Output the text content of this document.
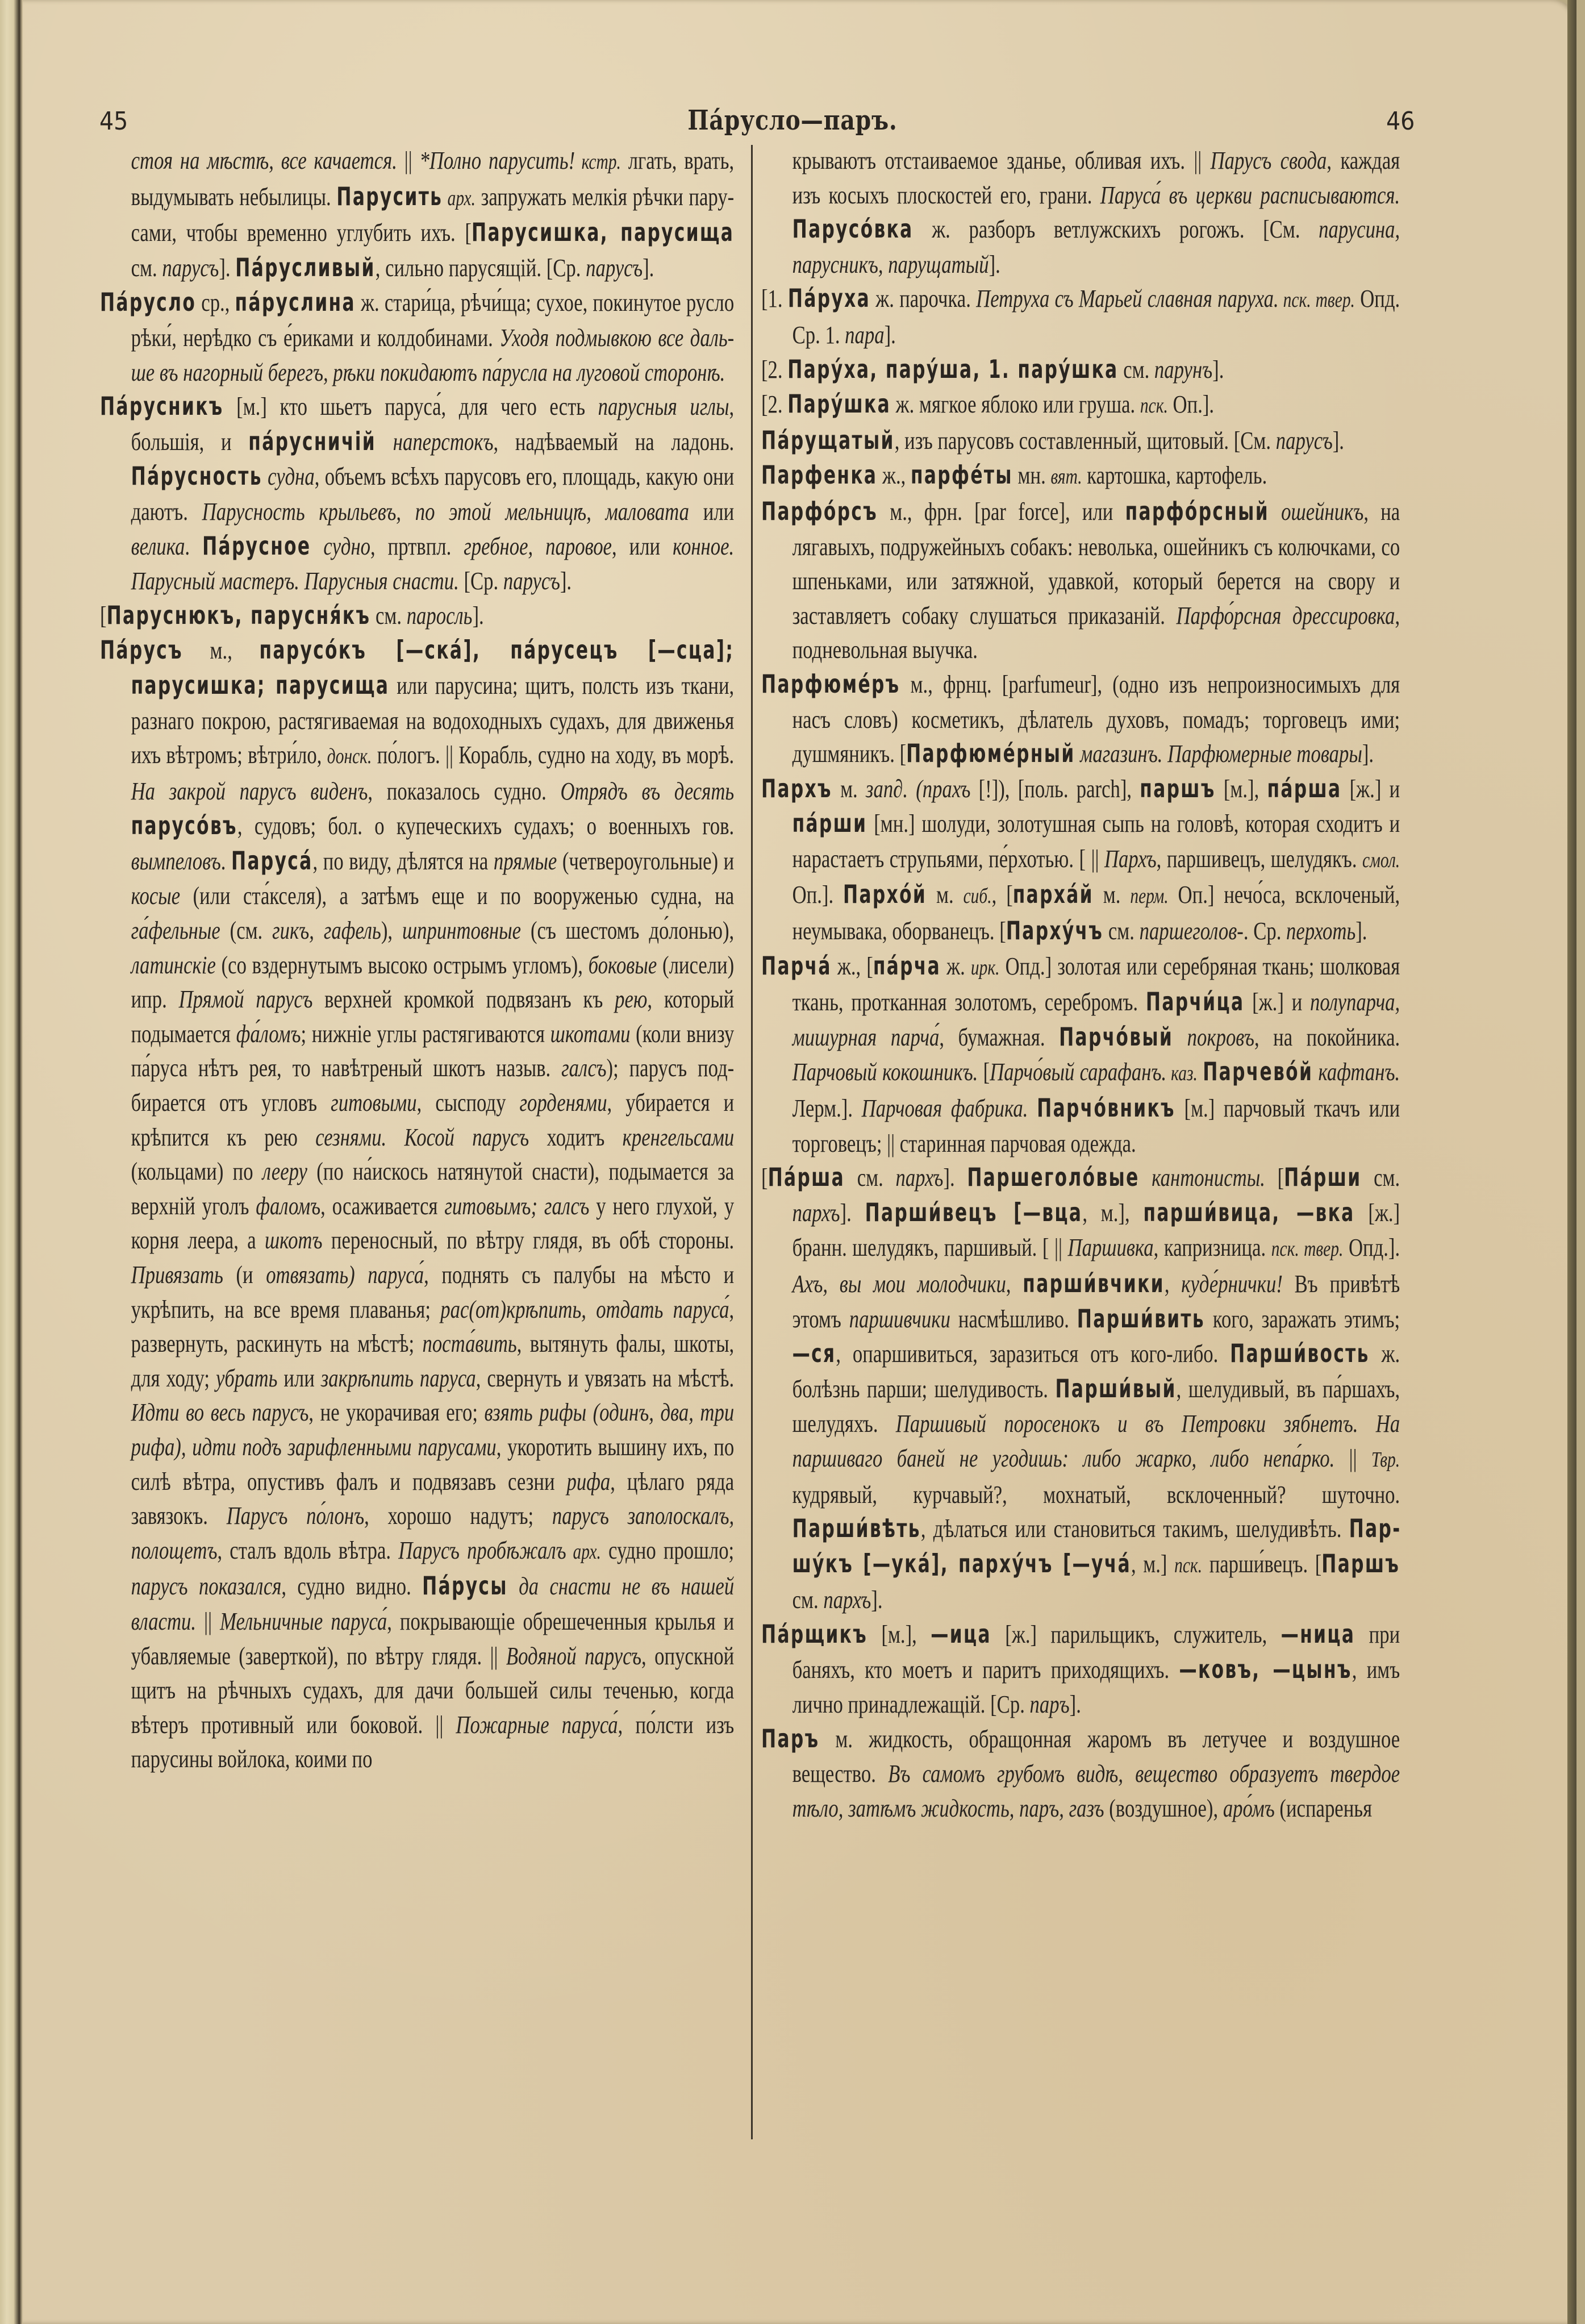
45	Па́русло—паръ.	46

стоя на мѣстѣ, все качается. || *Полно парусить! кстр. лгать, врать, выдумывать небылицы. Парусить арх. запружать мелкія рѣчки парусами, чтобы временно углубить ихъ. [Парусишка, парусища см. парусъ]. Па́русливый, сильно парусящій. [Ср. парусъ].

Па́русло ср., па́руслина ж. стари́ца, рѣчи́ща; сухое, покинутое русло рѣки́, нерѣдко съ е́риками и колдобинами. Уходя подмывкою все дальше въ нагорный берегъ, рѣки покидаютъ па́русла на луговой сторонѣ.

Па́русникъ [м.] кто шьетъ паруса́, для чего есть парусныя иглы, большія, и па́русничій наперстокъ, надѣваемый на ладонь. Па́русность судна, объемъ всѣхъ парусовъ его, площадь, какую они даютъ. Парусность крыльевъ, по этой мельницѣ, маловата или велика. Па́русное судно, пртвпл. гребное, паровое, или конное. Парусный мастеръ. Парусныя снасти. [Ср. парусъ].

[Паруснюкъ, парусня́къ см. паросль].

Па́русъ м., парусо́къ [—ска́], па́русецъ [—сца]; парусишка; парусища или парусина; щитъ, полсть изъ ткани, разнаго покрою, растягиваемая на водоходныхъ судахъ, для движенья ихъ вѣтромъ; вѣтри́ло, донск. по́логъ. || Корабль, судно на ходу, въ морѣ. На закрой парусъ виденъ, показалось судно. Отрядъ въ десять парусо́въ, судовъ; бол. о купеческихъ судахъ; о военныхъ гов. вымпеловъ. Паруса́, по виду, дѣлятся на прямые (четвероугольные) и косые (или ста́кселя), а затѣмъ еще и по вооруженью судна, на га́фельные (см. гикъ, гафель), шпринтовные (съ шестомъ до́лонью), латинскіе (со вздернутымъ высоко острымъ угломъ), боковые (лисели) ипр. Прямой парусъ верхней кромкой подвязанъ къ рею, который подымается фа́ломъ; нижніе углы растягиваются шкотами (коли внизу па́руса нѣтъ рея, то навѣтреный шкотъ назыв. галсъ); парусъ подбирается отъ угловъ гитовыми, сысподу горденями, убирается и крѣпится къ рею сезнями. Косой парусъ ходитъ кренгельсами (кольцами) по леeру (по на́искось натянутой снасти), подымается за верхній уголъ фаломъ, осаживается гитовымъ; галсъ у него глухой, у корня леера, а шкотъ переносный, по вѣтру глядя, въ обѣ стороны. Привязать (и отвязать) паруса́, поднять съ палубы на мѣсто и укрѣпить, на все время плаванья; рас(от)крѣпить, отдать паруса́, развернуть, раскинуть на мѣстѣ; поста́вить, вытянуть фалы, шкоты, для ходу; убрать или закрѣпить паруса, свернуть и увязать на мѣстѣ. Идти во весь парусъ, не укорачивая его; взять рифы (одинъ, два, три рифа), идти подъ зарифленными парусами, укоротить вышину ихъ, по силѣ вѣтра, опустивъ фалъ и подвязавъ сезни рифа, цѣлаго ряда завязокъ. Парусъ по́лонъ, хорошо надутъ; парусъ заполоскалъ, полощетъ, сталъ вдоль вѣтра. Парусъ пробѣжалъ арх. судно прошло; парусъ показался, судно видно. Па́русы да снасти не въ нашей власти. || Мельничные паруса́, покрывающіе обрешеченныя крылья и убавляемые (заверткой), по вѣтру глядя. || Водяной парусъ, опускной щитъ на рѣчныхъ судахъ, для дачи большей силы теченью, когда вѣтеръ противный или боковой. || Пожарные паруса́, по́лсти изъ парусины войлока, коими по

крываютъ отстаиваемое зданье, обливая ихъ. || Парусъ свода, каждая изъ косыхъ плоскостей его, грани. Паруса́ въ церкви расписываются. Парусо́вка ж. разборъ ветлужскихъ рогожъ. [См. парусина, парусникъ, парущатый].

[1. Па́руха ж. парочка. Петруха съ Марьей славная паруха. пск. твер. Опд. Ср. 1. пара].

[2. Пару́ха, пару́ша, 1. пару́шка см. парунъ].

[2. Пару́шка ж. мягкое яблоко или груша. пск. Оп.].

Па́рущатый, изъ парусовъ составленный, щитовый. [См. парусъ].

Парфенка ж., парфе́ты мн. вят. картошка, картофель.

Парфо́рсъ м., фрн. [par force], или парфо́рсный ошейникъ, на лягавыхъ, подружейныхъ собакъ: неволька, ошейникъ съ колючками, со шпеньками, или затяжной, удавкой, который берется на свору и заставляетъ собаку слушаться приказаній. Парфо́рсная дрессировка, подневольная выучка.

Парфюме́ръ м., фрнц. [parfumeur], (одно изъ непроизносимыхъ для насъ словъ) косметикъ, дѣлатель духовъ, помадъ; торговецъ ими; душмяникъ. [Парфюме́рный магазинъ. Парфюмерные товары].

Пархъ м. зап∂. (прахъ [!]), [поль. parch], паршъ [м.], па́рша [ж.] и па́рши [мн.] шолуди, золотушная сыпь на головѣ, которая сходитъ и нарастаетъ струпьями, пе́рхотью. [ || Пархъ, паршивецъ, шелудякъ. смол. Оп.]. Пархо́й м. сиб., [парха́й м. перм. Оп.] нечо́са, всклоченый, неумывака, оборванецъ. [Парху́чъ см. паршеголов-. Ср. перхоть].

Парча́ ж., [па́рча ж. ирк. Опд.] золотая или серебряная ткань; шолковая ткань, протканная золотомъ, серебромъ. Парчи́ца [ж.] и полупарча, мишурная парча́, бумажная. Парчо́вый покровъ, на покойника. Парчовый кокошникъ. [Парчо́вый сарафанъ. каз. Парчево́й кафтанъ. Лерм.]. Парчовая фабрика. Парчо́вникъ [м.] парчовый ткачъ или торговецъ; || старинная парчовая одежда.

[Па́рша см. пархъ]. Паршеголо́вые кантонисты. [Па́рши см. пархъ]. Парши́вецъ [—вца, м.], парши́вица, —вка [ж.] бранн. шелудякъ, паршивый. [ || Паршивка, капризница. пск. твер. Опд.]. Ахъ, вы мои молодчики, парши́вчики, куде́рнички! Въ привѣтѣ этомъ паршивчики насмѣшливо. Парши́вить кого, заражать этимъ; —ся, опаршивиться, заразиться отъ кого-либо. Парши́вость ж. болѣзнь парши; шелудивость. Парши́вый, шелудивый, въ па́ршахъ, шелудяхъ. Паршивый поросенокъ и въ Петровки зябнетъ. На паршиваго баней не угодишь: либо жарко, либо непа́рко. || Твр. кудрявый, курчавый?, мохнатый, всклоченный? шуточно. Парши́вѣть, дѣлаться или становиться такимъ, шелудивѣть. Паршу́къ [—ука́], парху́чъ [—уча́, м.] пск. парши́вецъ. [Паршъ см. пархъ].

Па́рщикъ [м.], —ица [ж.] парильщикъ, служитель, —ница при баняхъ, кто моетъ и паритъ приходящихъ. —ковъ, —цынъ, имъ лично принадлежащій. [Ср. паръ].

Паръ м. жидкость, обращонная жаромъ въ летучее и воздушное вещество. Въ самомъ грубомъ видѣ, вещество образуетъ твердое тѣло, затѣмъ жидкость, паръ, газъ (воздушное), аро́мъ (испаренья
